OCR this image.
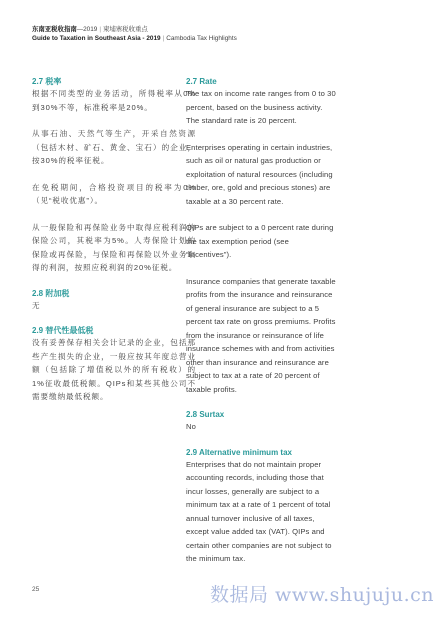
东南亚税收指南—2019 | 柬埔寨税收重点
Guide to Taxation in Southeast Asia - 2019 | Cambodia Tax Highlights
2.7 税率

根据不同类型的业务活动，所得税率从0%到30%不等，标准税率是20%。

从事石油、天然气等生产，开采自然资源（包括木材、矿石、黄金、宝石）的企业，按30%的税率征税。

在免税期间，合格投资项目的税率为0%（见“税收优惠”）。

从一般保险和再保险业务中取得应税利润的保险公司，其税率为5%。人寿保险计划的保险或再保险，与保险和再保险以外业务取得的利润，按照应税利润的20%征税。

2.8 附加税

无

2.9 替代性最低税

没有妥善保存相关会计记录的企业，包括那些产生损失的企业，一般应按其年度总营业额（包括除了增值税以外的所有税收）的1%征收最低税额。QIPs和某些其他公司不需要缴纳最低税额。

2.7 Rate

The tax on income rate ranges from 0 to 30 percent, based on the business activity. The standard rate is 20 percent.

Enterprises operating in certain industries, such as oil or natural gas production or exploitation of natural resources (including timber, ore, gold and precious stones) are taxable at a 30 percent rate.

QIPs are subject to a 0 percent rate during the tax exemption period (see “Incentives”).

Insurance companies that generate taxable profits from the insurance and reinsurance of general insurance are subject to a 5 percent tax rate on gross premiums. Profits from the insurance or reinsurance of life insurance schemes with and from activities other than insurance and reinsurance are subject to tax at a rate of 20 percent of taxable profits.

2.8 Surtax

No

2.9 Alternative minimum tax

Enterprises that do not maintain proper accounting records, including those that incur losses, generally are subject to a minimum tax at a rate of 1 percent of total annual turnover inclusive of all taxes, except value added tax (VAT). QIPs and certain other companies are not subject to the minimum tax.

25	数据局 www.shujuju.cn
